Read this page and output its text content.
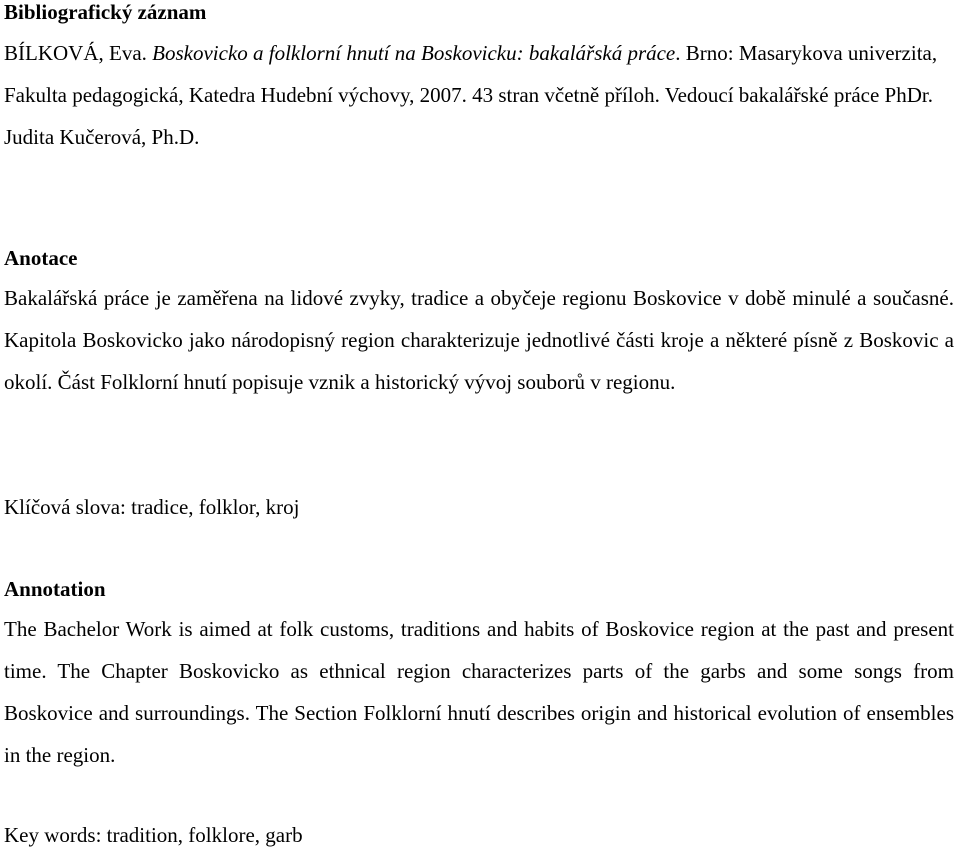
Bibliografický záznam

BÍLKOVÁ, Eva. Boskovicko a folklorní hnutí na Boskovicku: bakalářská práce. Brno: Masarykova univerzita, Fakulta pedagogická, Katedra Hudební výchovy, 2007. 43 stran včetně příloh. Vedoucí bakalářské práce PhDr. Judita Kučerová, Ph.D.

Anotace

Bakalářská práce je zaměřena na lidové zvyky, tradice a obyčeje regionu Boskovice v době minulé a současné. Kapitola Boskovicko jako národopisný region charakterizuje jednotlivé části kroje a některé písně z Boskovic a okolí. Část Folklorní hnutí popisuje vznik a historický vývoj souborů v regionu.

Klíčová slova: tradice, folklor, kroj

Annotation

The Bachelor Work is aimed at folk customs, traditions and habits of Boskovice region at the past and present time. The Chapter Boskovicko as ethnical region characterizes parts of the garbs and some songs from Boskovice and surroundings. The Section Folklorní hnutí describes origin and historical evolution of ensembles in the region.

Key words: tradition, folklore, garb
